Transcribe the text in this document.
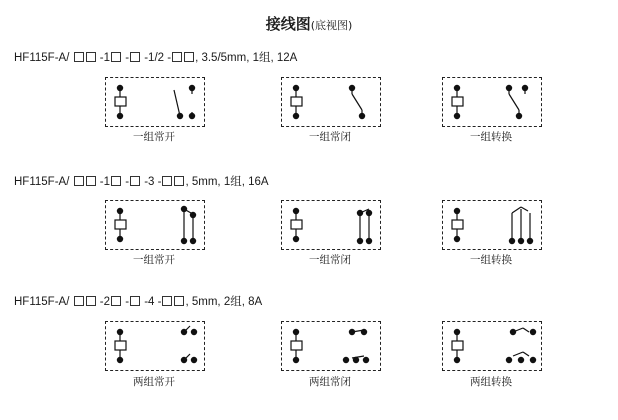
接线图(底视图)
HF115F-A/  -1 - -1/2 - , 3.5/5mm, 1组, 12A
HF115F-A/  -1 - -3 - , 5mm, 1组, 16A
HF115F-A/  -2 - -4 - , 5mm, 2组, 8A
一组常开	一组常闭	一组转换
一组常开	一组常闭	一组转换
两组常开	两组常闭	两组转换
